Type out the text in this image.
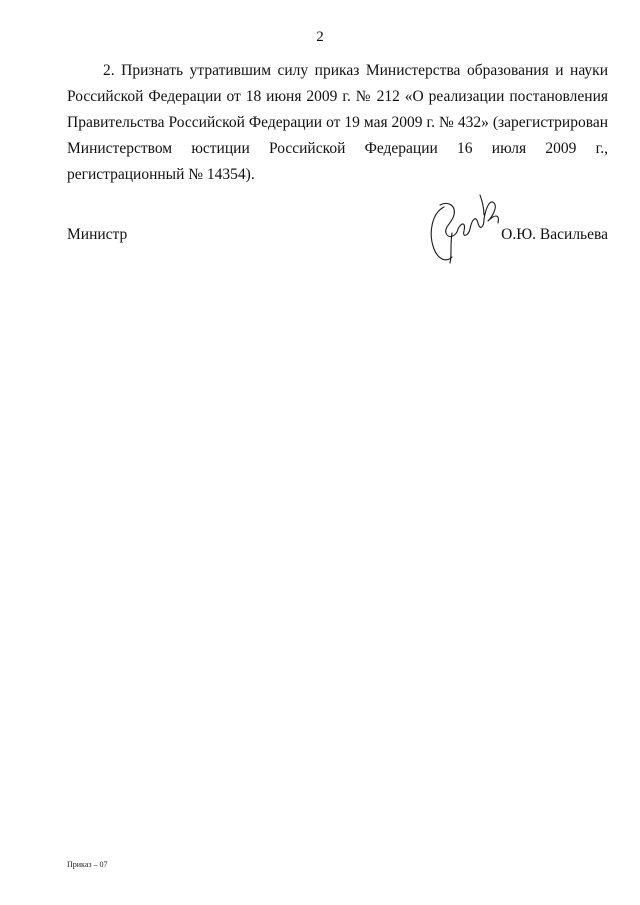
2

2. Признать утратившим силу приказ Министерства образования и науки Российской Федерации от 18 июня 2009 г. № 212 «О реализации постановления Правительства Российской Федерации от 19 мая 2009 г. № 432» (зарегистрирован Министерством юстиции Российской Федерации 16 июля 2009 г., регистрационный № 14354).

Министр	О.Ю. Васильева
Приказ – 07
